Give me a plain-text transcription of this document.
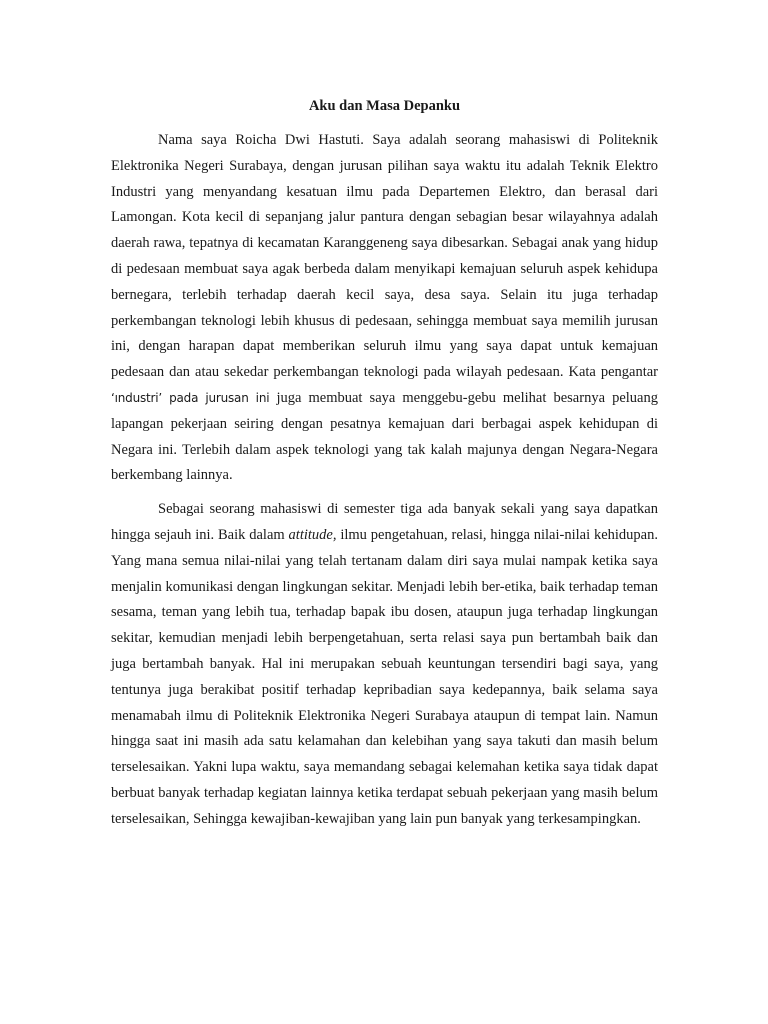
Aku dan Masa Depanku

Nama saya Roicha Dwi Hastuti. Saya adalah seorang mahasiswi di Politeknik Elektronika Negeri Surabaya, dengan jurusan pilihan saya waktu itu adalah Teknik Elektro Industri yang menyandang kesatuan ilmu pada Departemen Elektro, dan berasal dari Lamongan. Kota kecil di sepanjang jalur pantura dengan sebagian besar wilayahnya adalah daerah rawa, tepatnya di kecamatan Karanggeneng saya dibesarkan. Sebagai anak yang hidup di pedesaan membuat saya agak berbeda dalam menyikapi kemajuan seluruh aspek kehidupa bernegara, terlebih terhadap daerah kecil saya, desa saya. Selain itu juga terhadap perkembangan teknologi lebih khusus di pedesaan, sehingga membuat saya memilih jurusan ini, dengan harapan dapat memberikan seluruh ilmu yang saya dapat untuk kemajuan pedesaan dan atau sekedar perkembangan teknologi pada wilayah pedesaan. Kata pengantar ‘ındustri’ pada jurusan ini juga membuat saya menggebu-gebu melihat besarnya peluang lapangan pekerjaan seiring dengan pesatnya kemajuan dari berbagai aspek kehidupan di Negara ini. Terlebih dalam aspek teknologi yang tak kalah majunya dengan Negara-Negara berkembang lainnya.

Sebagai seorang mahasiswi di semester tiga ada banyak sekali yang saya dapatkan hingga sejauh ini. Baik dalam attitude, ilmu pengetahuan, relasi, hingga nilai-nilai kehidupan. Yang mana semua nilai-nilai yang telah tertanam dalam diri saya mulai nampak ketika saya menjalin komunikasi dengan lingkungan sekitar. Menjadi lebih ber-etika, baik terhadap teman sesama, teman yang lebih tua, terhadap bapak ibu dosen, ataupun juga terhadap lingkungan sekitar, kemudian menjadi lebih berpengetahuan, serta relasi saya pun bertambah baik dan juga bertambah banyak. Hal ini merupakan sebuah keuntungan tersendiri bagi saya, yang tentunya juga berakibat positif terhadap kepribadian saya kedepannya, baik selama saya menamabah ilmu di Politeknik Elektronika Negeri Surabaya ataupun di tempat lain. Namun hingga saat ini masih ada satu kelamahan dan kelebihan yang saya takuti dan masih belum terselesaikan. Yakni lupa waktu, saya memandang sebagai kelemahan ketika saya tidak dapat berbuat banyak terhadap kegiatan lainnya ketika terdapat sebuah pekerjaan yang masih belum terselesaikan, Sehingga kewajiban-kewajiban yang lain pun banyak yang terkesampingkan.
